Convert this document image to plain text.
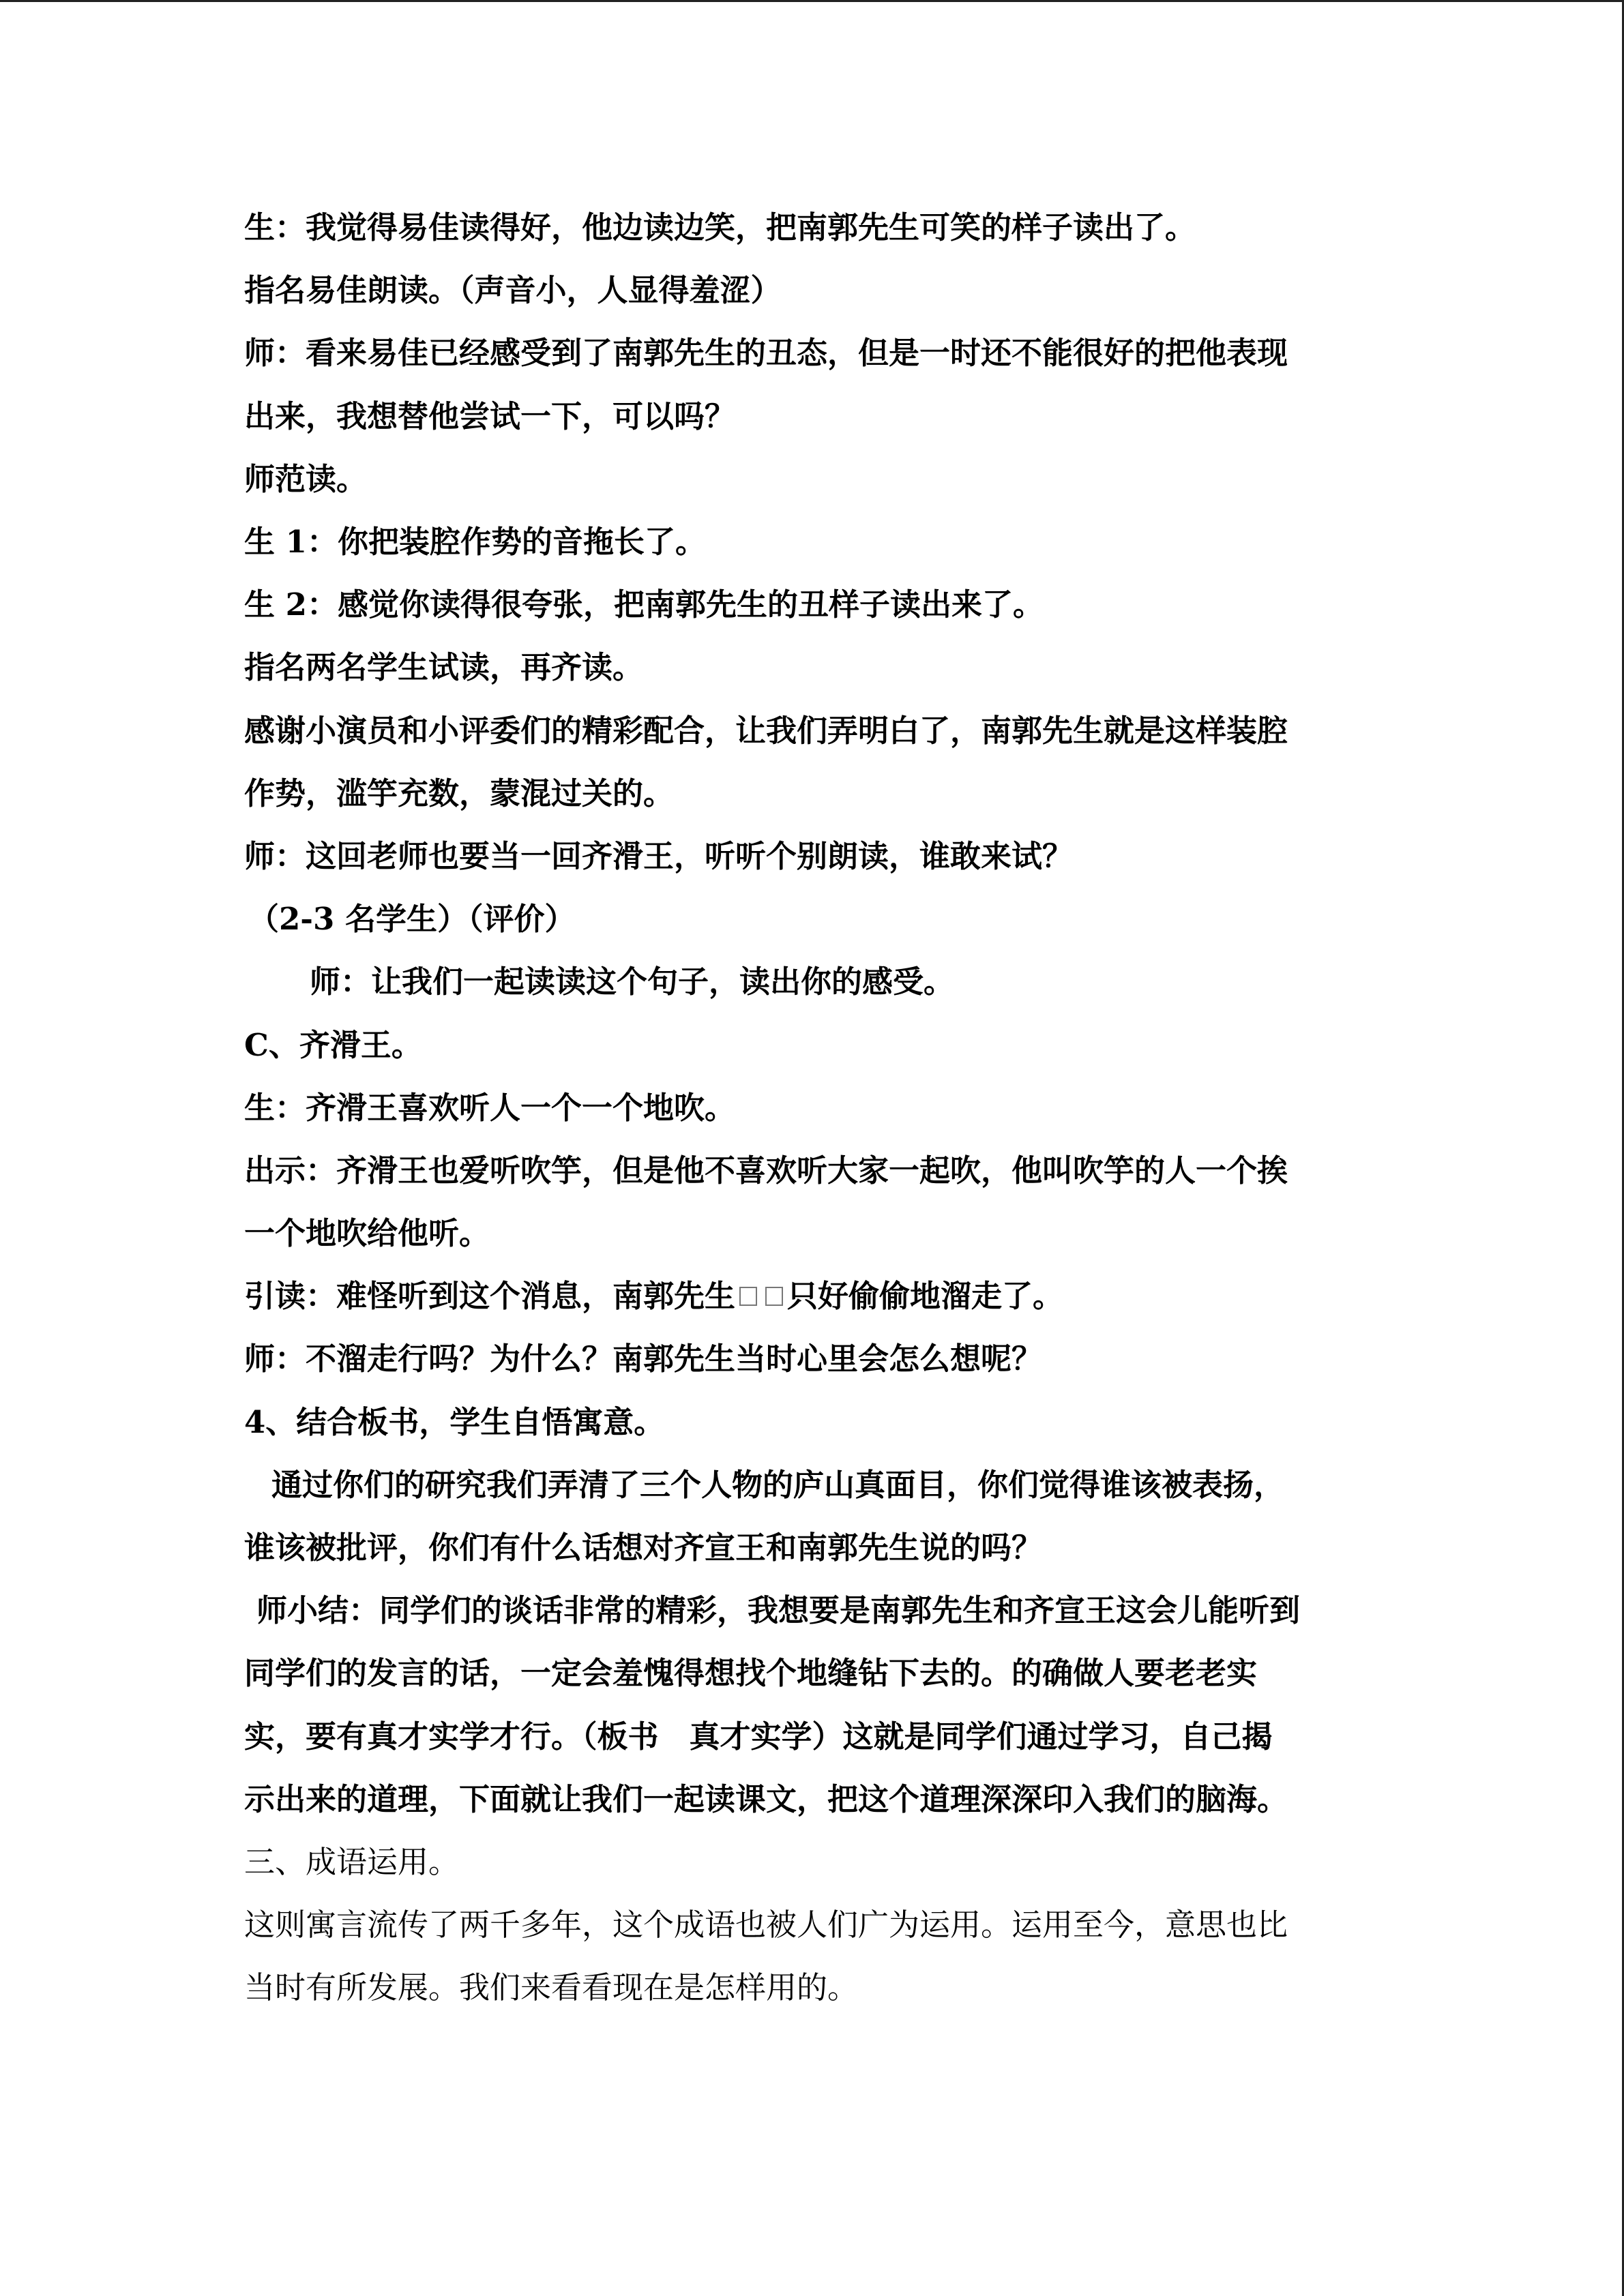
生：我觉得易佳读得好，他边读边笑，把南郭先生可笑的样子读出了。
指名易佳朗读。（声音小，人显得羞涩）
师：看来易佳已经感受到了南郭先生的丑态，但是一时还不能很好的把他表现
出来，我想替他尝试一下，可以吗？
师范读。
生 1：你把装腔作势的音拖长了。
生 2：感觉你读得很夸张，把南郭先生的丑样子读出来了。
指名两名学生试读，再齐读。
感谢小演员和小评委们的精彩配合，让我们弄明白了，南郭先生就是这样装腔
作势，滥竽充数，蒙混过关的。
师：这回老师也要当一回齐滑王，听听个别朗读，谁敢来试？
（2-3 名学生）（评价）
师：让我们一起读读这个句子，读出你的感受。
C、齐滑王。
生：齐滑王喜欢听人一个一个地吹。
出示：齐滑王也爱听吹竽，但是他不喜欢听大家一起吹，他叫吹竽的人一个挨
一个地吹给他听。
引读：难怪听到这个消息，南郭先生 只好偷偷地溜走了。
师：不溜走行吗？为什么？南郭先生当时心里会怎么想呢？
4、结合板书，学生自悟寓意。
通过你们的研究我们弄清了三个人物的庐山真面目，你们觉得谁该被表扬，
谁该被批评，你们有什么话想对齐宣王和南郭先生说的吗？
师小结：同学们的谈话非常的精彩，我想要是南郭先生和齐宣王这会儿能听到
同学们的发言的话，一定会羞愧得想找个地缝钻下去的。的确做人要老老实
实，要有真才实学才行。（板书　真才实学）这就是同学们通过学习，自己揭
示出来的道理，下面就让我们一起读课文，把这个道理深深印入我们的脑海。
三、成语运用。
这则寓言流传了两千多年，这个成语也被人们广为运用。运用至今，意思也比
当时有所发展。我们来看看现在是怎样用的。
